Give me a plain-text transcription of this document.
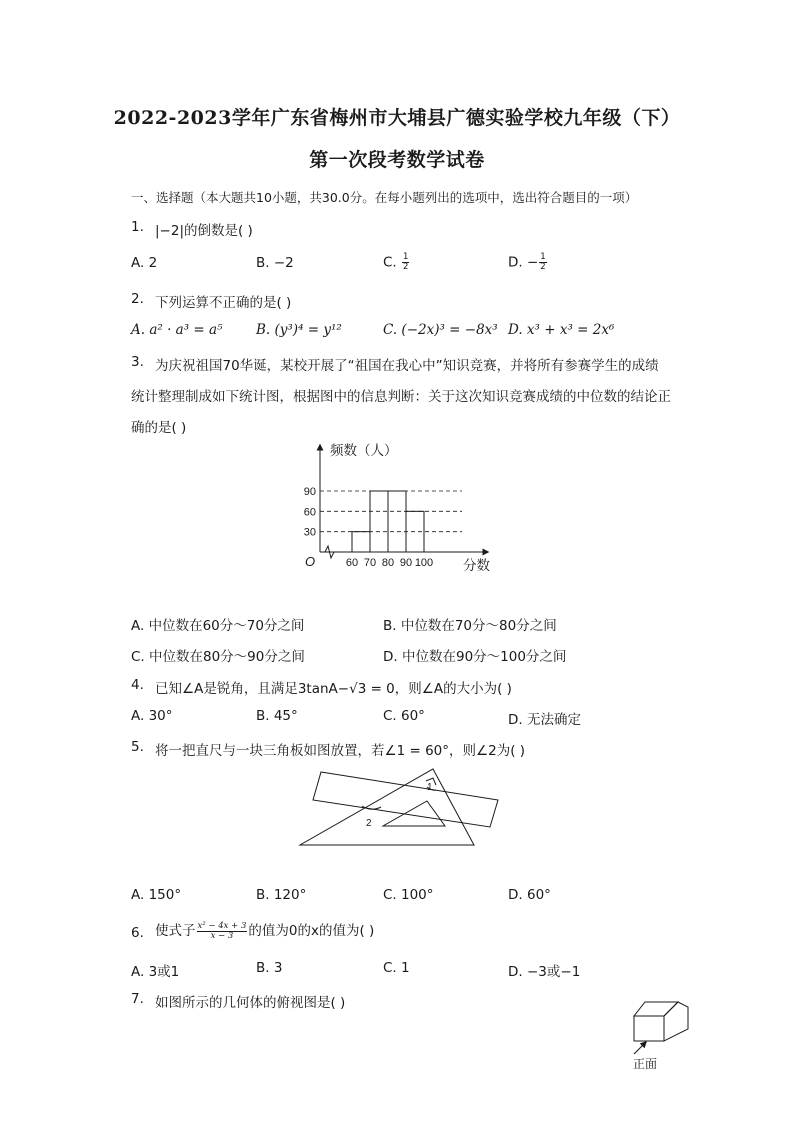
2022-2023学年广东省梅州市大埔县广德实验学校九年级（下）
第一次段考数学试卷
一、选择题（本大题共10小题，共30.0分。在每小题列出的选项中，选出符合题目的一项）
1. |−2|的倒数是( )
A. 2	B. −2	C. $\frac{1}{2}$	D. − $\frac{1}{2}$
2. 下列运算不正确的是( )
A. a² · a³ = a⁵ B. (y³)⁴ = y¹²	C. (−2x)³ = −8x³ D. x³ + x³ = 2x⁶
3. 为庆祝祖国70华诞，某校开展了“祖国在我心中”知识竞赛，并将所有参赛学生的成绩
统计整理制成如下统计图，根据图中的信息判断：关于这次知识竞赛成绩的中位数的结论正
确的是( )
频数（人）
分数
O
30
60
90
60 70 80 90 100
A. 中位数在60分～70分之间	B. 中位数在70分～80分之间
C. 中位数在80分～90分之间	D. 中位数在90分～100分之间
4. 已知∠A是锐角，且满足3tanA−√3 = 0，则∠A的大小为( )
A. 30°	B. 45°	C. 60°	D. 无法确定
5. 将一把直尺与一块三角板如图放置，若∠1 = 60°，则∠2为( )
1
2
A. 150°	B. 120°	C. 100°	D. 60°
6. 使式子 $\frac{\text{x² − 4x + 3}}{x - 3}$ 的值为0的x的值为( )
A. 3或1	B. 3	C. 1	D. −3或−1
7. 如图所示的几何体的俯视图是( )
正面
